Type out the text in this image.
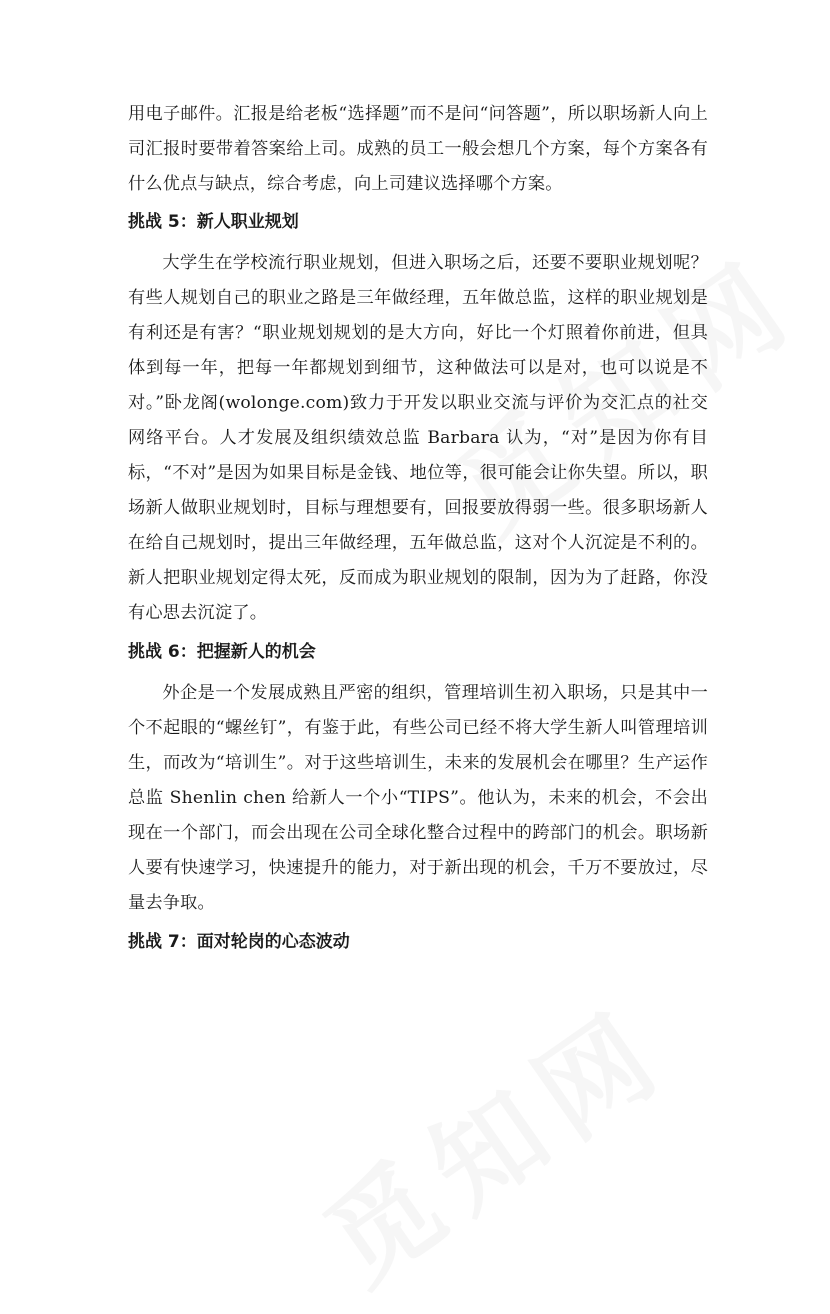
用电子邮件。汇报是给老板“选择题”而不是问“问答题”，所以职场新人向上司汇报时要带着答案给上司。成熟的员工一般会想几个方案，每个方案各有什么优点与缺点，综合考虑，向上司建议选择哪个方案。

挑战 5：新人职业规划

大学生在学校流行职业规划，但进入职场之后，还要不要职业规划呢？有些人规划自己的职业之路是三年做经理，五年做总监，这样的职业规划是有利还是有害？“职业规划规划的是大方向，好比一个灯照着你前进，但具体到每一年，把每一年都规划到细节，这种做法可以是对，也可以说是不对。”卧龙阁(wolonge.com)致力于开发以职业交流与评价为交汇点的社交网络平台。人才发展及组织绩效总监 Barbara 认为，“对”是因为你有目标，“不对”是因为如果目标是金钱、地位等，很可能会让你失望。所以，职场新人做职业规划时，目标与理想要有，回报要放得弱一些。很多职场新人在给自己规划时，提出三年做经理，五年做总监，这对个人沉淀是不利的。新人把职业规划定得太死，反而成为职业规划的限制，因为为了赶路，你没有心思去沉淀了。

挑战 6：把握新人的机会

外企是一个发展成熟且严密的组织，管理培训生初入职场，只是其中一个不起眼的“螺丝钉”，有鉴于此，有些公司已经不将大学生新人叫管理培训生，而改为“培训生”。对于这些培训生，未来的发展机会在哪里？生产运作总监 Shenlin chen 给新人一个小“TIPS”。他认为，未来的机会，不会出现在一个部门，而会出现在公司全球化整合过程中的跨部门的机会。职场新人要有快速学习，快速提升的能力，对于新出现的机会，千万不要放过，尽量去争取。

挑战 7：面对轮岗的心态波动
